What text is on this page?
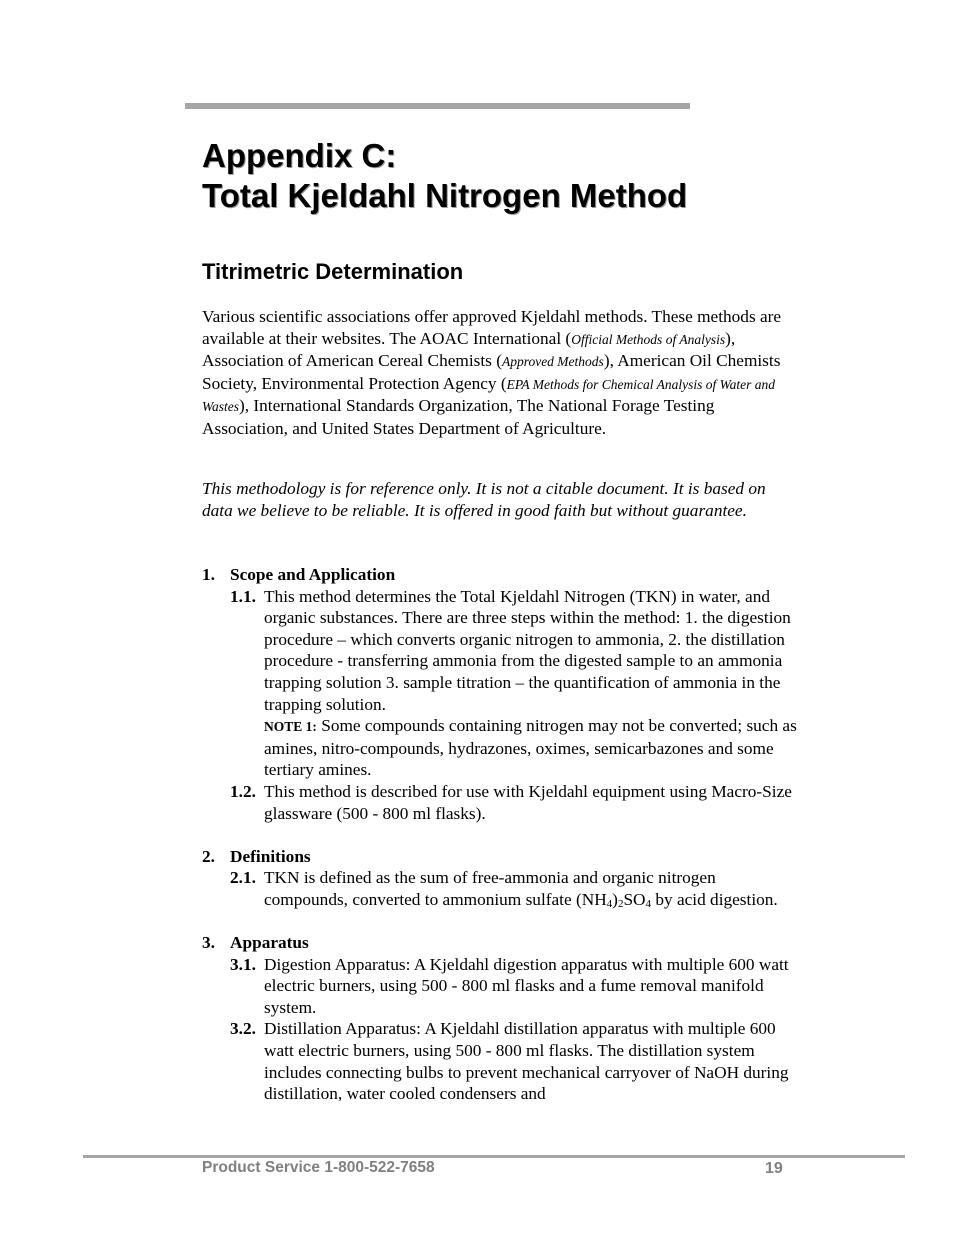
Appendix C:
Total Kjeldahl Nitrogen Method
Titrimetric Determination

Various scientific associations offer approved Kjeldahl methods. These methods are available at their websites. The AOAC International (Official Methods of Analysis), Association of American Cereal Chemists (Approved Methods), American Oil Chemists Society, Environmental Protection Agency (EPA Methods for Chemical Analysis of Water and Wastes), International Standards Organization, The National Forage Testing Association, and United States Department of Agriculture.

This methodology is for reference only. It is not a citable document. It is based on data we believe to be reliable. It is offered in good faith but without guarantee.

1. Scope and Application
1.1. This method determines the Total Kjeldahl Nitrogen (TKN) in water, and organic substances. There are three steps within the method: 1. the digestion procedure – which converts organic nitrogen to ammonia, 2. the distillation procedure - transferring ammonia from the digested sample to an ammonia trapping solution 3. sample titration – the quantification of ammonia in the trapping solution.
NOTE 1: Some compounds containing nitrogen may not be converted; such as amines, nitro-compounds, hydrazones, oximes, semicarbazones and some tertiary amines.
1.2. This method is described for use with Kjeldahl equipment using Macro-Size glassware (500 - 800 ml flasks).
2. Definitions
2.1. TKN is defined as the sum of free-ammonia and organic nitrogen compounds, converted to ammonium sulfate $(NH_4)_2SO_4$ by acid digestion.
3. Apparatus
3.1. Digestion Apparatus: A Kjeldahl digestion apparatus with multiple 600 watt electric burners, using 500 - 800 ml flasks and a fume removal manifold system.
3.2. Distillation Apparatus: A Kjeldahl distillation apparatus with multiple 600 watt electric burners, using 500 - 800 ml flasks. The distillation system includes connecting bulbs to prevent mechanical carryover of NaOH during distillation, water cooled condensers and
Product Service 1-800-522-7658	19
